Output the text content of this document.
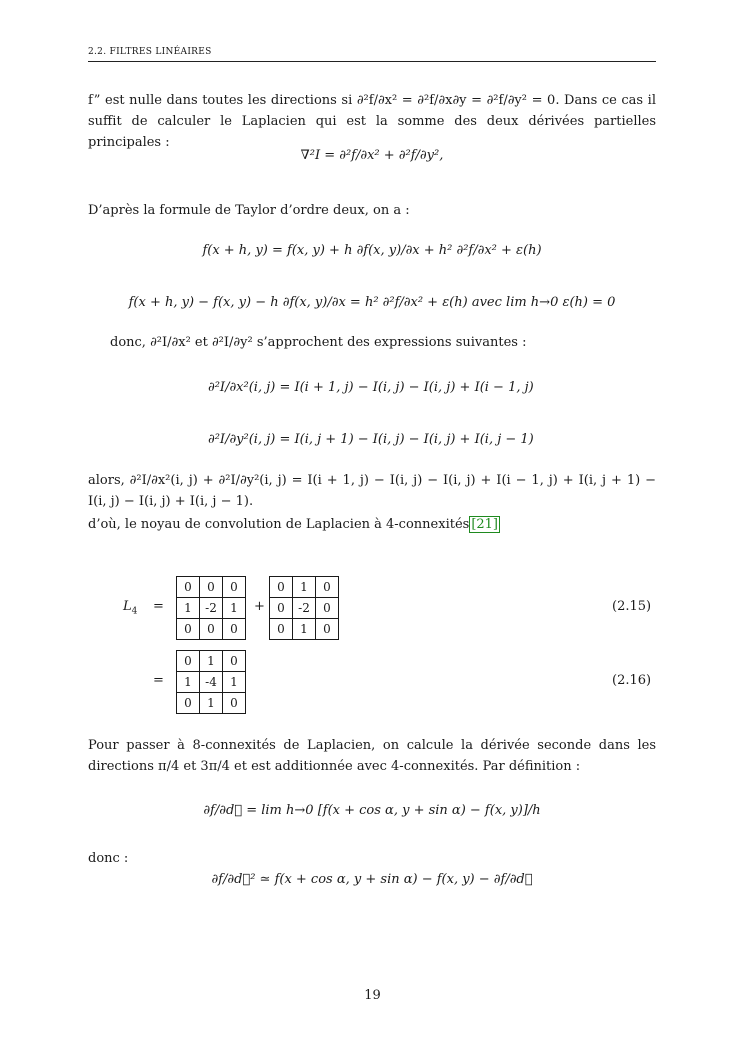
2.2. FILTRES LINÉAIRES
f” est nulle dans toutes les directions si ∂²f/∂x² = ∂²f/∂x∂y = ∂²f/∂y² = 0. Dans ce cas il suffit de calculer le Laplacien qui est la somme des deux dérivées partielles principales :
∇²I = ∂²f/∂x² + ∂²f/∂y²,
D’après la formule de Taylor d’ordre deux, on a :
f(x + h, y) = f(x, y) + h ∂f(x, y)/∂x + h² ∂²f/∂x² + ε(h)
f(x + h, y) − f(x, y) − h ∂f(x, y)/∂x = h² ∂²f/∂x² + ε(h) avec lim h→0 ε(h) = 0
donc, ∂²I/∂x² et ∂²I/∂y² s’approchent des expressions suivantes :
∂²I/∂x²(i, j) = I(i + 1, j) − I(i, j) − I(i, j) + I(i − 1, j)
∂²I/∂y²(i, j) = I(i, j + 1) − I(i, j) − I(i, j) + I(i, j − 1)
alors, ∂²I/∂x²(i, j) + ∂²I/∂y²(i, j) = I(i + 1, j) − I(i, j) − I(i, j) + I(i − 1, j) + I(i, j + 1) − I(i, j) − I(i, j) + I(i, j − 1).
d’où, le noyau de convolution de Laplacien à 4-connexités [21]
$L_4$ =
0	0	0
1	-2	1
0	0	0
+
0	1	0
0	-2	0
0	1	0
(2.15)
=
0	1	0
1	-4	1
0	1	0
(2.16)
Pour passer à 8-connexités de Laplacien, on calcule la dérivée seconde dans les directions π/4 et 3π/4 et est additionnée avec 4-connexités. Par définition :
∂f/∂d⃗ = lim h→0 [f(x + cos α, y + sin α) − f(x, y)]/h
donc :
∂f/∂d⃗² ≃ f(x + cos α, y + sin α) − f(x, y) − ∂f/∂d⃗
19
